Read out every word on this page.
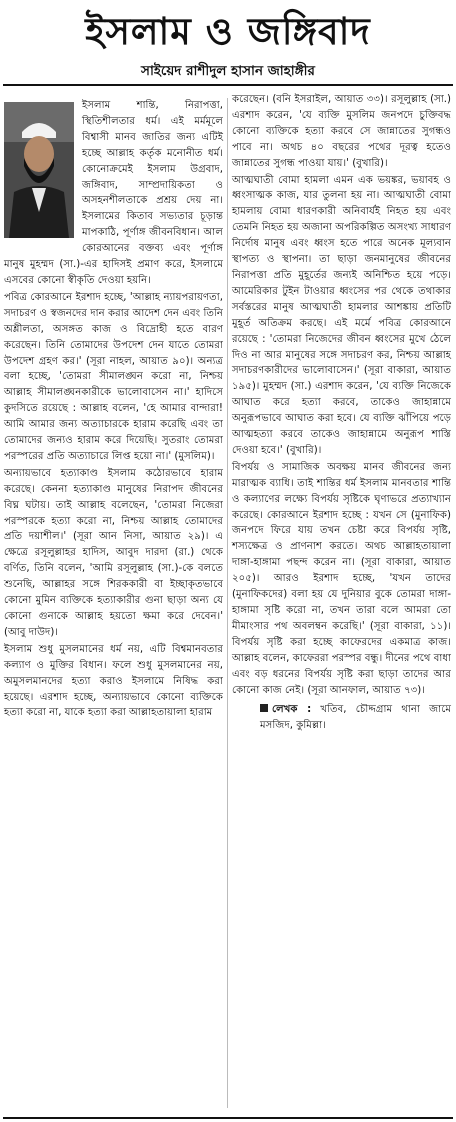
ইসলাম ও জঙ্গিবাদ
সাইয়েদ রাশীদুল হাসান জাহাঙ্গীর

ইসলাম শান্তি, নিরাপত্তা, স্থিতিশীলতার ধর্ম। এই মর্মমূলে বিশ্বাসী মানব জাতির জন্য এটিই হচ্ছে আল্লাহ কর্তৃক মনোনীত ধর্ম। কোনোক্রমেই ইসলাম উগ্রবাদ, জঙ্গিবাদ, সাম্প্রদায়িকতা ও অসহনশীলতাকে প্রশ্রয় দেয় না। ইসলামের কিতাব সভ্যতার চূড়ান্ত মাপকাঠি, পূর্ণাঙ্গ জীবনবিধান। আল কোরআনের বক্তব্য এবং পূর্ণাঙ্গ মানুষ মুহম্মদ (সা.)-এর হাদিসই প্রমাণ করে, ইসলামে এসবের কোনো স্বীকৃতি দেওয়া হয়নি।

পবিত্র কোরআনে ইরশাদ হচ্ছে, 'আল্লাহ ন্যায়পরায়ণতা, সদাচরণ ও স্বজনদের দান করার আদেশ দেন এবং তিনি অশ্লীলতা, অসঙ্গত কাজ ও বিদ্রোহী হতে বারণ করেছেন। তিনি তোমাদের উপদেশ দেন যাতে তোমরা উপদেশ গ্রহণ কর।' (সূরা নাহল, আয়াত ৯০)। অন্যত্র বলা হচ্ছে, 'তোমরা সীমালঙ্ঘন করো না, নিশ্চয় আল্লাহ সীমালঙ্ঘনকারীকে ভালোবাসেন না।' হাদিসে কুদসিতে রয়েছে : আল্লাহ বলেন, 'হে আমার বান্দারা! আমি আমার জন্য অত্যাচারকে হারাম করেছি এবং তা তোমাদের জন্যও হারাম করে দিয়েছি। সুতরাং তোমরা পরস্পরের প্রতি অত্যাচারে লিপ্ত হয়ো না।' (মুসলিম)।

অন্যায়ভাবে হত্যাকাণ্ড ইসলাম কঠোরভাবে হারাম করেছে। কেননা হত্যাকাণ্ড মানুষের নিরাপদ জীবনের বিঘ্ন ঘটায়। তাই আল্লাহ বলেছেন, 'তোমরা নিজেরা পরস্পরকে হত্যা করো না, নিশ্চয় আল্লাহ তোমাদের প্রতি দয়াশীল।' (সূরা আন নিসা, আয়াত ২৯)। এ ক্ষেত্রে রসূলুল্লাহর হাদিস, আবুদ দারদা (রা.) থেকে বর্ণিত, তিনি বলেন, 'আমি রসূলুল্লাহ (সা.)-কে বলতে শুনেছি, আল্লাহর সঙ্গে শিরককারী বা ইচ্ছাকৃতভাবে কোনো মুমিন ব্যক্তিকে হত্যাকারীর গুনা ছাড়া অন্য যে কোনো গুনাকে আল্লাহ হয়তো ক্ষমা করে দেবেন।' (আবু দাউদ)।

ইসলাম শুধু মুসলমানের ধর্ম নয়, এটি বিশ্বমানবতার কল্যাণ ও মুক্তির বিধান। ফলে শুধু মুসলমানের নয়, অমুসলমানদের হত্যা করাও ইসলামে নিষিদ্ধ করা হয়েছে। এরশাদ হচ্ছে, অন্যায়ভাবে কোনো ব্যক্তিকে হত্যা করো না, যাকে হত্যা করা আল্লাহতায়ালা হারাম

করেছেন। (বনি ইসরাইল, আয়াত ৩৩)। রসূলুল্লাহ (সা.) এরশাদ করেন, 'যে ব্যক্তি মুসলিম জনপদে চুক্তিবদ্ধ কোনো ব্যক্তিকে হত্যা করবে সে জান্নাতের সুগন্ধও পাবে না। অথচ ৪০ বছরের পথের দূরত্ব হতেও জান্নাতের সুগন্ধ পাওয়া যায়।' (বুখারি)।

আত্মঘাতী বোমা হামলা এমন এক ভয়ঙ্কর, ভয়াবহ ও ধ্বংসাত্মক কাজ, যার তুলনা হয় না। আত্মঘাতী বোমা হামলায় বোমা ধারণকারী অনিবার্যই নিহত হয় এবং তেমনি নিহত হয় অজানা অপরিকল্পিত অসংখ্য সাধারণ নির্দোষ মানুষ এবং ধ্বংস হতে পারে অনেক মূল্যবান স্থাপত্য ও স্থাপনা। তা ছাড়া জনমানুষের জীবনের নিরাপত্তা প্রতি মুহূর্তের জন্যই অনিশ্চিত হয়ে পড়ে। আমেরিকার টুইন টাওয়ার ধ্বংসের পর থেকে তথাকার সর্বস্তরের মানুষ আত্মঘাতী হামলার আশঙ্কায় প্রতিটি মুহূর্ত অতিক্রম করছে। এই মর্মে পবিত্র কোরআনে রয়েছে : 'তোমরা নিজেদের জীবন ধ্বংসের মুখে ঠেলে দিও না আর মানুষের সঙ্গে সদাচরণ কর, নিশ্চয় আল্লাহ সদাচরণকারীদের ভালোবাসেন।' (সূরা বাকারা, আয়াত ১৯৫)। মুহম্মদ (সা.) এরশাদ করেন, 'যে ব্যক্তি নিজেকে আঘাত করে হত্যা করবে, তাকেও জাহান্নামে অনুরূপভাবে আঘাত করা হবে। যে ব্যক্তি ঝাঁপিয়ে পড়ে আত্মহত্যা করবে তাকেও জাহান্নামে অনুরূপ শাস্তি দেওয়া হবে।' (বুখারি)।

বিপর্যয় ও সামাজিক অবক্ষয় মানব জীবনের জন্য মারাত্মক ব্যাধি। তাই শান্তির ধর্ম ইসলাম মানবতার শান্তি ও কল্যাণের লক্ষ্যে বিপর্যয় সৃষ্টিকে ঘৃণাভরে প্রত্যাখ্যান করেছে। কোরআনে ইরশাদ হচ্ছে : যখন সে (মুনাফিক) জনপদে ফিরে যায় তখন চেষ্টা করে বিপর্যয় সৃষ্টি, শস্যক্ষেত্র ও প্রাণনাশ করতে। অথচ আল্লাহতায়ালা দাঙ্গা-হাঙ্গামা পছন্দ করেন না। (সূরা বাকারা, আয়াত ২০৫)। আরও ইরশাদ হচ্ছে, 'যখন তাদের (মুনাফিকদের) বলা হয় যে দুনিয়ার বুকে তোমরা দাঙ্গা-হাঙ্গামা সৃষ্টি করো না, তখন তারা বলে আমরা তো মীমাংসার পথ অবলম্বন করেছি।' (সূরা বাকারা, ১১)। বিপর্যয় সৃষ্টি করা হচ্ছে কাফেরদের একমাত্র কাজ। আল্লাহ বলেন, কাফেররা পরস্পর বন্ধু। দীনের পথে বাধা এবং বড় ধরনের বিপর্যয় সৃষ্টি করা ছাড়া তাদের আর কোনো কাজ নেই। (সূরা আনফাল, আয়াত ৭৩)।

লেখক : খতিব, চৌদ্দগ্রাম থানা জামে মসজিদ, কুমিল্লা।
